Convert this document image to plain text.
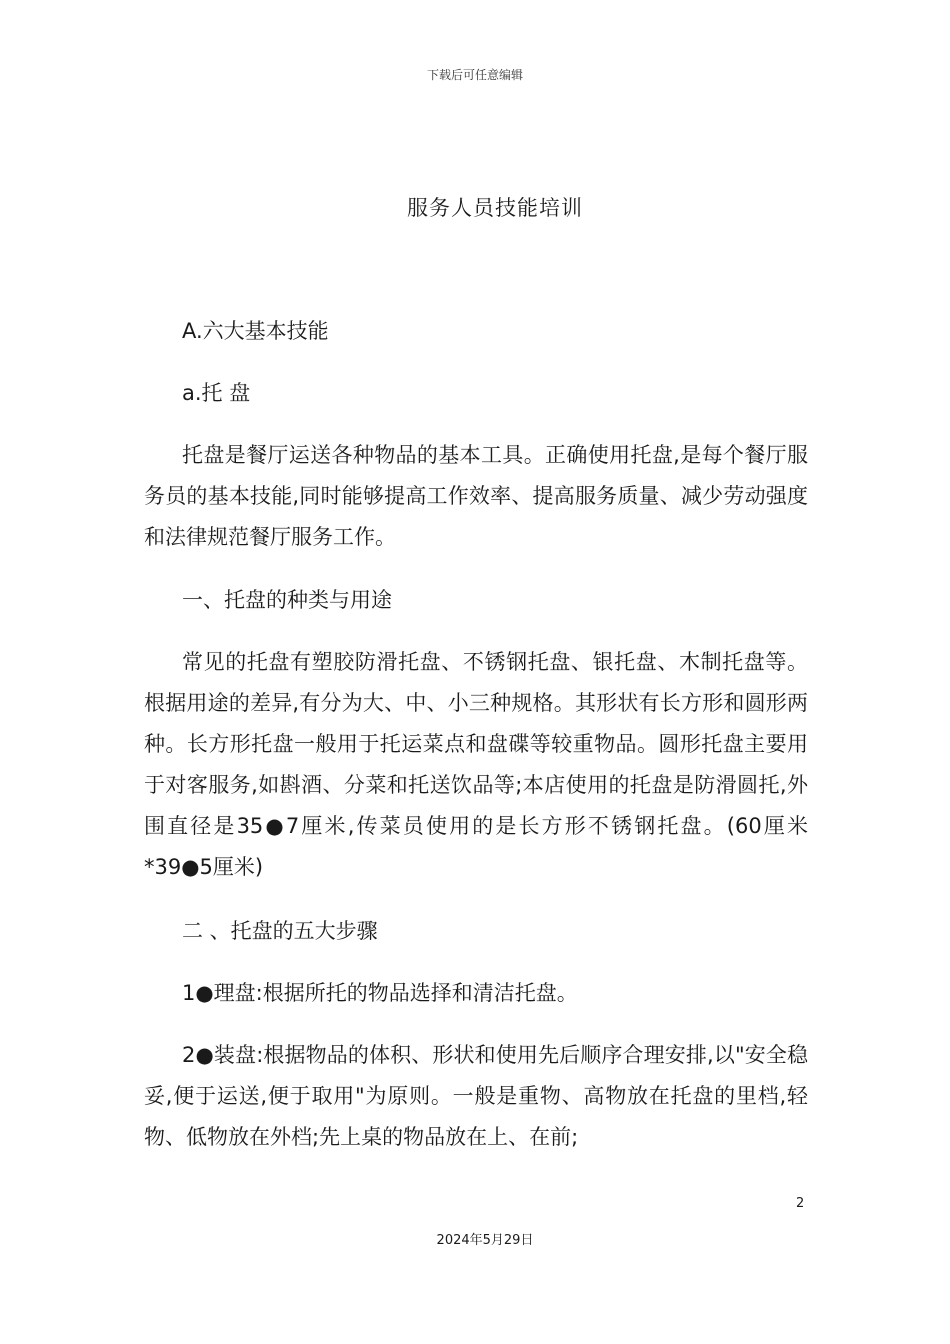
下载后可任意编辑
服务人员技能培训
A.六大基本技能
a.托 盘
托盘是餐厅运送各种物品的基本工具。正确使用托盘,是每个餐厅服务员的基本技能,同时能够提高工作效率、提高服务质量、减少劳动强度和法律规范餐厅服务工作。
一、托盘的种类与用途
常见的托盘有塑胶防滑托盘、不锈钢托盘、银托盘、木制托盘等。根据用途的差异,有分为大、中、小三种规格。其形状有长方形和圆形两种。长方形托盘一般用于托运菜点和盘碟等较重物品。圆形托盘主要用于对客服务,如斟酒、分菜和托送饮品等;本店使用的托盘是防滑圆托,外围直径是35●7厘米,传菜员使用的是长方形不锈钢托盘。(60厘米*39●5厘米)
二 、托盘的五大步骤
1●理盘:根据所托的物品选择和清洁托盘。
2●装盘:根据物品的体积、形状和使用先后顺序合理安排,以"安全稳妥,便于运送,便于取用"为原则。一般是重物、高物放在托盘的里档,轻物、低物放在外档;先上桌的物品放在上、在前;
2
2024年5月29日
